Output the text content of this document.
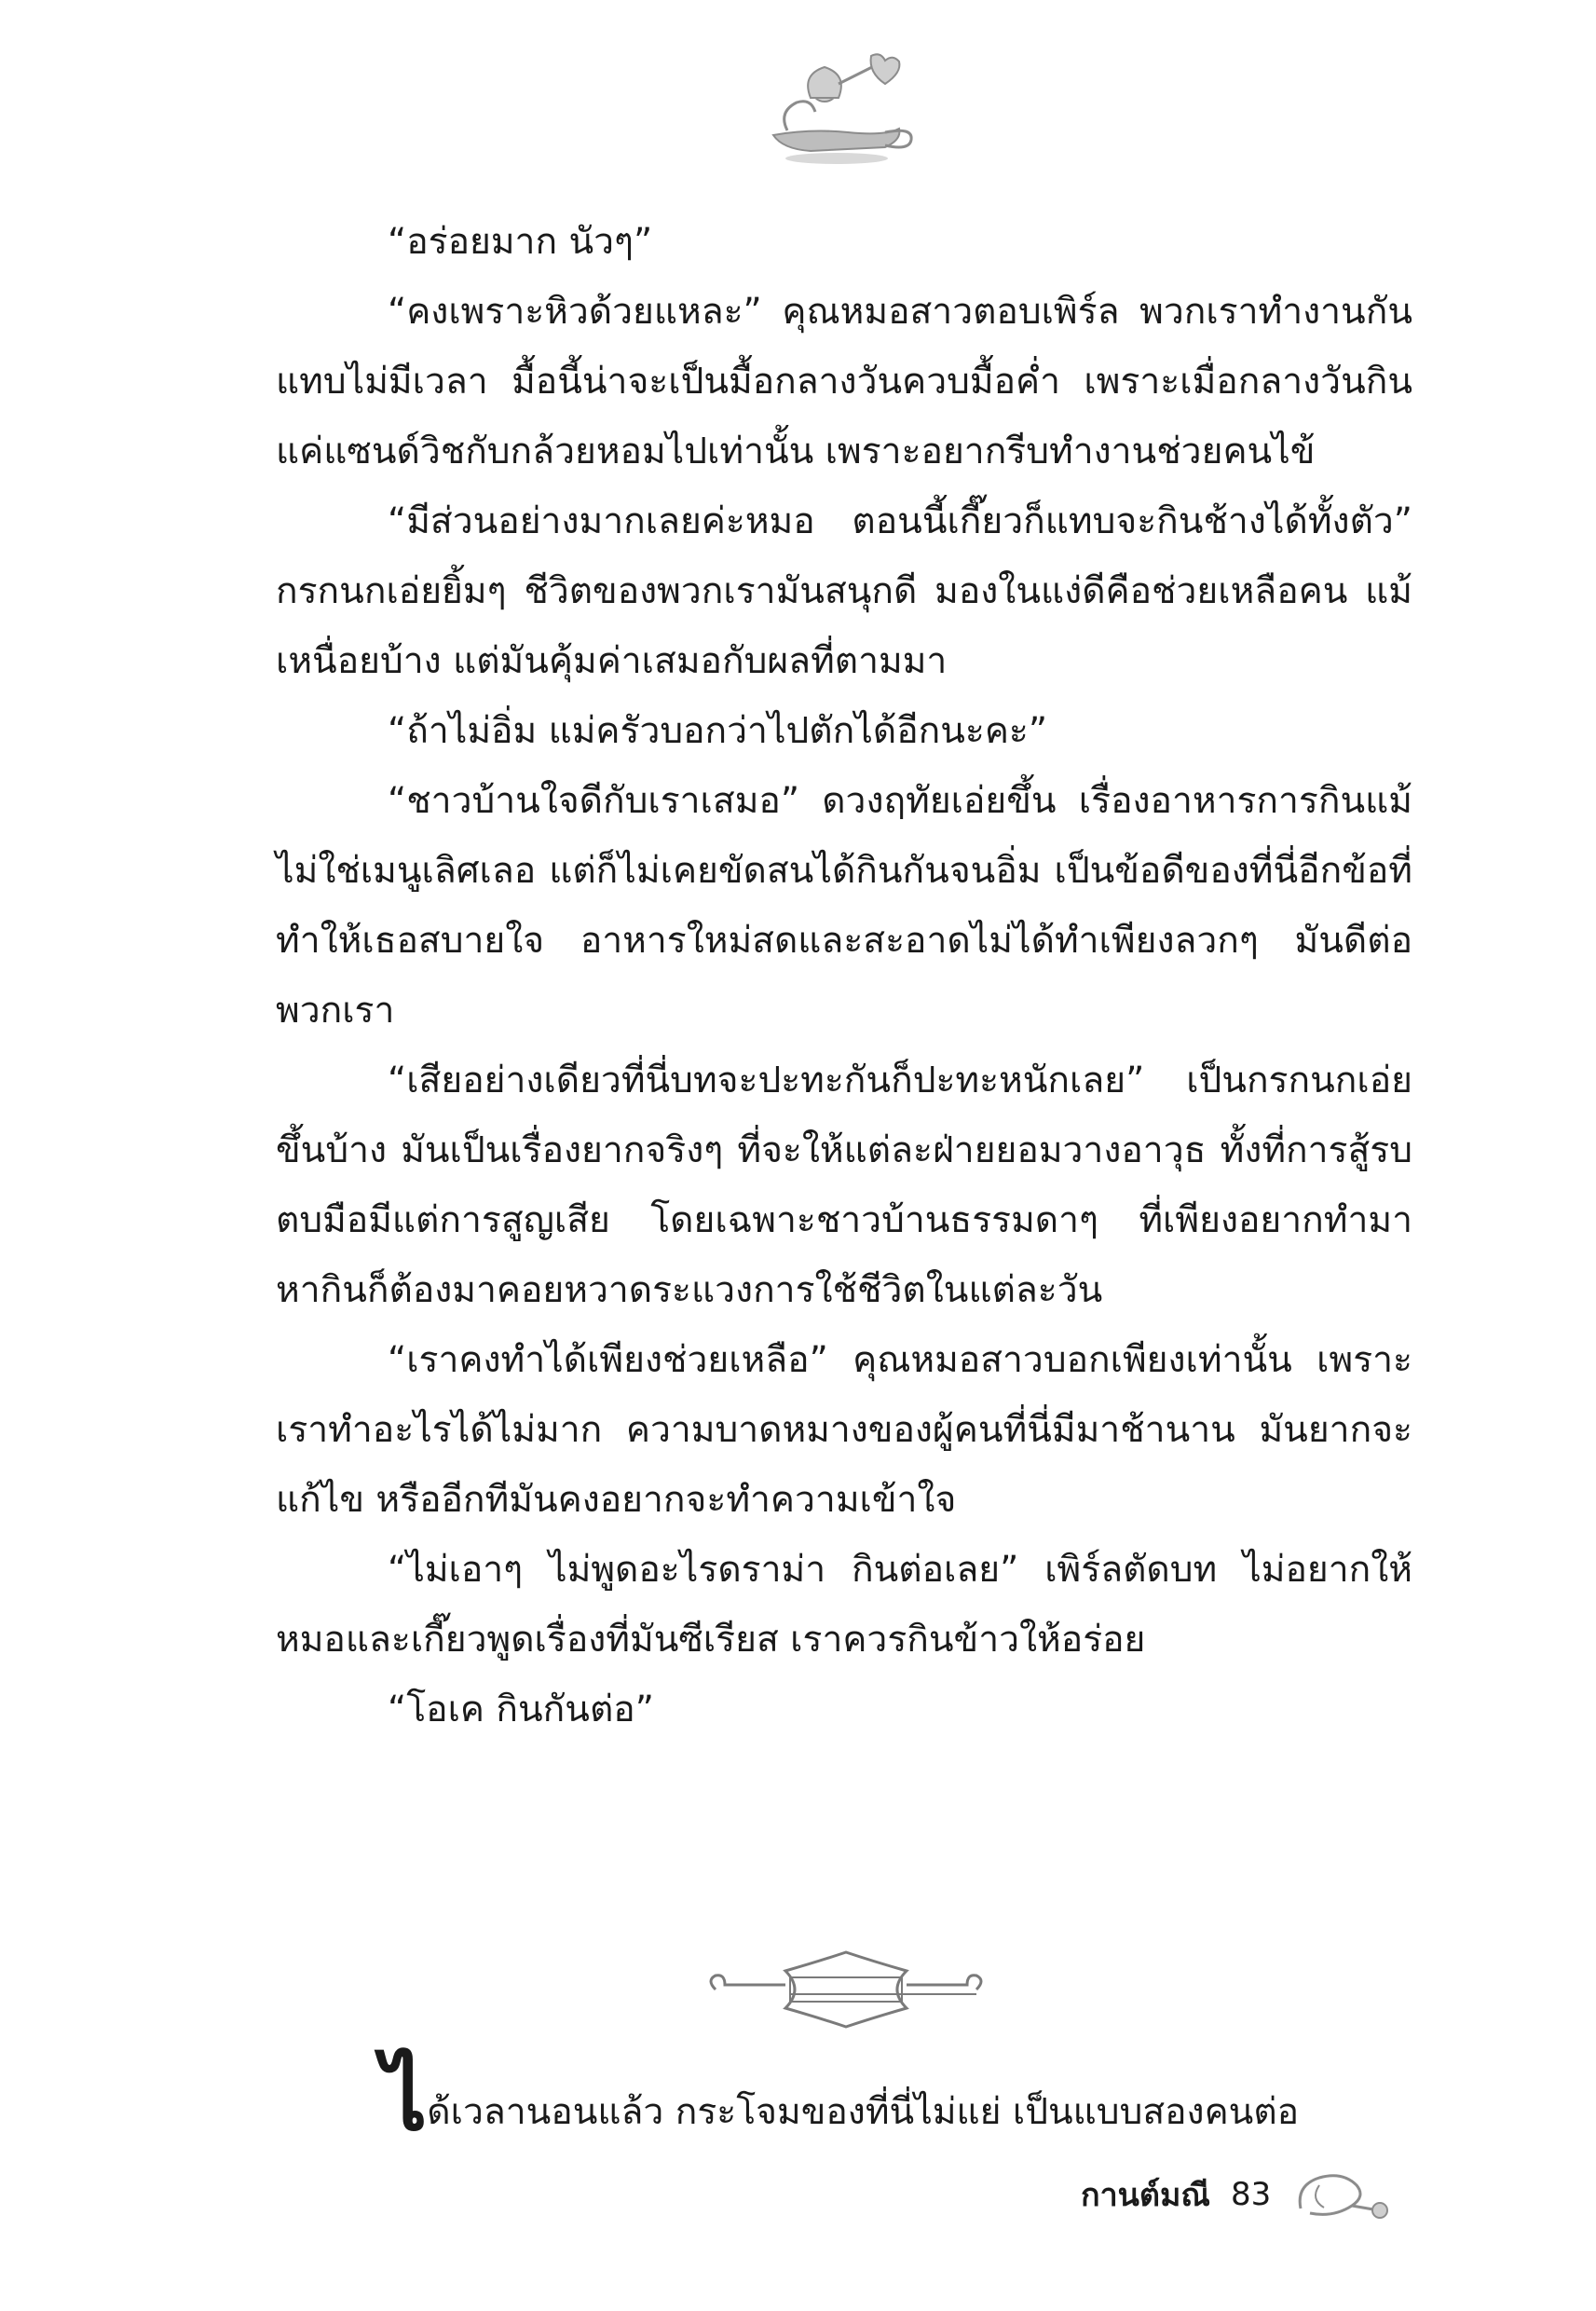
“อร่อยมาก นัวๆ”

“คงเพราะหิวด้วยแหละ” คุณหมอสาวตอบเพิร์ล พวกเราทำงานกันแทบไม่มีเวลา มื้อนี้น่าจะเป็นมื้อกลางวันควบมื้อค่ำ เพราะเมื่อกลางวันกินแค่แซนด์วิชกับกล้วยหอมไปเท่านั้น เพราะอยากรีบทำงานช่วยคนไข้

“มีส่วนอย่างมากเลยค่ะหมอ ตอนนี้เกี๊ยวก็แทบจะกินช้างได้ทั้งตัว” กรกนกเอ่ยยิ้มๆ ชีวิตของพวกเรามันสนุกดี มองในแง่ดีคือช่วยเหลือคน แม้เหนื่อยบ้าง แต่มันคุ้มค่าเสมอกับผลที่ตามมา

“ถ้าไม่อิ่ม แม่ครัวบอกว่าไปตักได้อีกนะคะ”

“ชาวบ้านใจดีกับเราเสมอ” ดวงฤทัยเอ่ยขึ้น เรื่องอาหารการกินแม้ไม่ใช่เมนูเลิศเลอ แต่ก็ไม่เคยขัดสนได้กินกันจนอิ่ม เป็นข้อดีของที่นี่อีกข้อที่ทำให้เธอสบายใจ อาหารใหม่สดและสะอาดไม่ได้ทำเพียงลวกๆ มันดีต่อพวกเรา

“เสียอย่างเดียวที่นี่บทจะปะทะกันก็ปะทะหนักเลย” เป็นกรกนกเอ่ยขึ้นบ้าง มันเป็นเรื่องยากจริงๆ ที่จะให้แต่ละฝ่ายยอมวางอาวุธ ทั้งที่การสู้รบตบมือมีแต่การสูญเสีย โดยเฉพาะชาวบ้านธรรมดาๆ ที่เพียงอยากทำมาหากินก็ต้องมาคอยหวาดระแวงการใช้ชีวิตในแต่ละวัน

“เราคงทำได้เพียงช่วยเหลือ” คุณหมอสาวบอกเพียงเท่านั้น เพราะเราทำอะไรได้ไม่มาก ความบาดหมางของผู้คนที่นี่มีมาช้านาน มันยากจะแก้ไข หรืออีกทีมันคงอยากจะทำความเข้าใจ

“ไม่เอาๆ ไม่พูดอะไรดราม่า กินต่อเลย” เพิร์ลตัดบท ไม่อยากให้หมอและเกี๊ยวพูดเรื่องที่มันซีเรียส เราควรกินข้าวให้อร่อย

“โอเค กินกันต่อ”

ได้เวลานอนแล้ว กระโจมของที่นี่ไม่แย่ เป็นแบบสองคนต่อ
กานต์มณี 83
